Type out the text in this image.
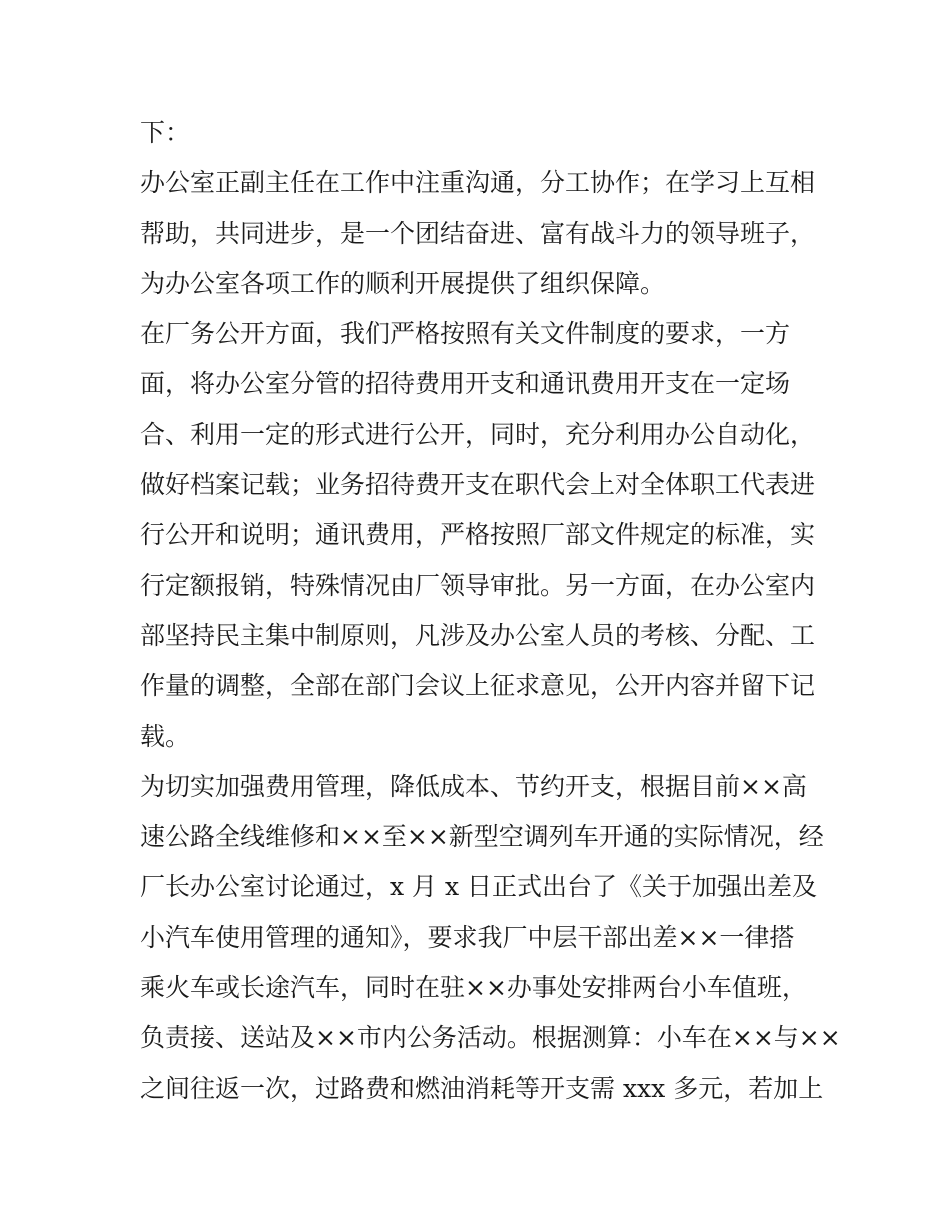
下：
办公室正副主任在工作中注重沟通，分工协作；在学习上互相
帮助，共同进步，是一个团结奋进、富有战斗力的领导班子，
为办公室各项工作的顺利开展提供了组织保障。
在厂务公开方面，我们严格按照有关文件制度的要求，一方
面，将办公室分管的招待费用开支和通讯费用开支在一定场
合、利用一定的形式进行公开，同时，充分利用办公自动化，
做好档案记载；业务招待费开支在职代会上对全体职工代表进
行公开和说明；通讯费用，严格按照厂部文件规定的标准，实
行定额报销，特殊情况由厂领导审批。另一方面，在办公室内
部坚持民主集中制原则，凡涉及办公室人员的考核、分配、工
作量的调整，全部在部门会议上征求意见，公开内容并留下记
载。
为切实加强费用管理，降低成本、节约开支，根据目前××高
速公路全线维修和××至××新型空调列车开通的实际情况，经
厂长办公室讨论通过，x 月 x 日正式出台了《关于加强出差及
小汽车使用管理的通知》，要求我厂中层干部出差××一律搭
乘火车或长途汽车，同时在驻××办事处安排两台小车值班，
负责接、送站及××市内公务活动。根据测算：小车在××与××
之间往返一次，过路费和燃油消耗等开支需 xxx 多元，若加上
